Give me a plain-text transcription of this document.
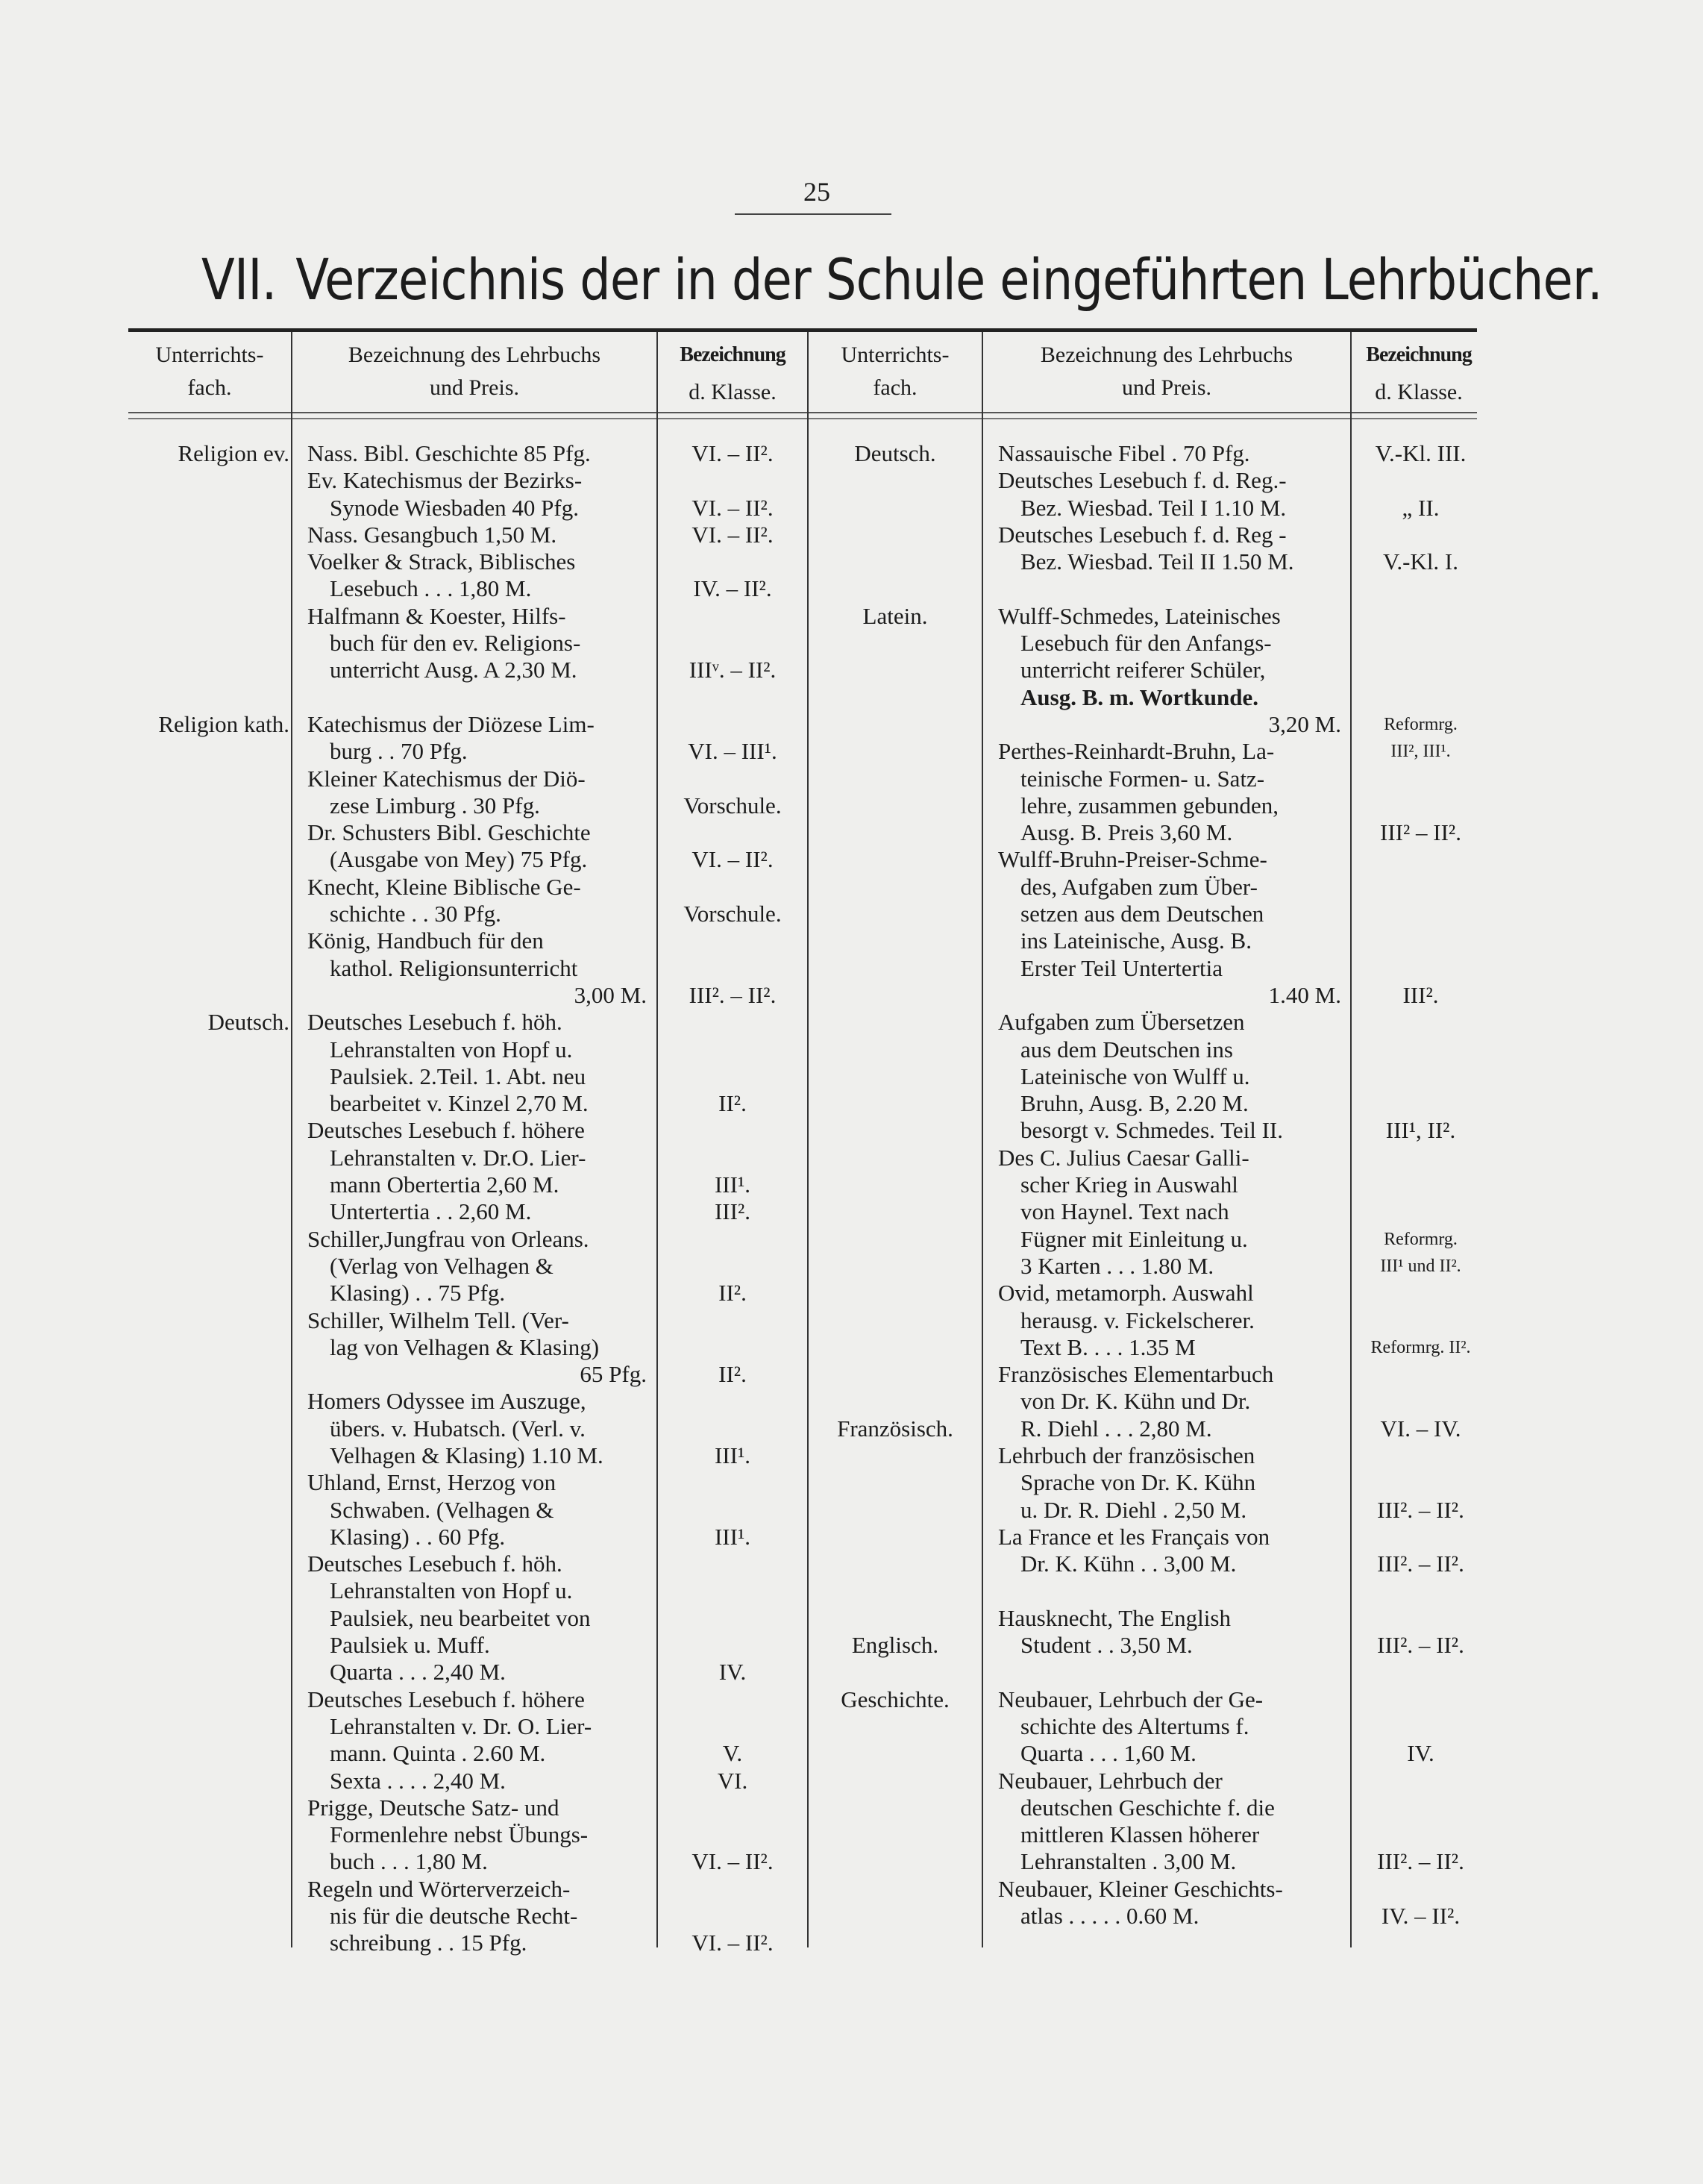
25
VII. Verzeichnis der in der Schule eingeführten Lehrbücher.
Unterrichts-
fach.
Bezeichnung des Lehrbuchs
und Preis.
Bezeichnung
d. Klasse.
Unterrichts-
fach.
Bezeichnung des Lehrbuchs
und Preis.
Bezeichnung
d. Klasse.
Religion ev.
Religion kath.
Deutsch.
Nass. Bibl. Geschichte 85 Pfg.
Ev. Katechismus der Bezirks-
Synode Wiesbaden 40 Pfg.
Nass. Gesangbuch 1,50 M.
Voelker & Strack, Biblisches
Lesebuch . . . 1,80 M.
Halfmann & Koester, Hilfs-
buch für den ev. Religions-
unterricht Ausg. A 2,30 M.
Katechismus der Diözese Lim-
burg . . 70 Pfg.
Kleiner Katechismus der Diö-
zese Limburg . 30 Pfg.
Dr. Schusters Bibl. Geschichte
(Ausgabe von Mey) 75 Pfg.
Knecht, Kleine Biblische Ge-
schichte . . 30 Pfg.
König, Handbuch für den
kathol. Religionsunterricht
3,00 M.
Deutsches Lesebuch f. höh.
Lehranstalten von Hopf u.
Paulsiek. 2.Teil. 1. Abt. neu
bearbeitet v. Kinzel 2,70 M.
Deutsches Lesebuch f. höhere
Lehranstalten v. Dr.O. Lier-
mann Obertertia 2,60 M.
Untertertia . . 2,60 M.
Schiller,Jungfrau von Orleans.
(Verlag von Velhagen &
Klasing) . . 75 Pfg.
Schiller, Wilhelm Tell. (Ver-
lag von Velhagen & Klasing)
65 Pfg.
Homers Odyssee im Auszuge,
übers. v. Hubatsch. (Verl. v.
Velhagen & Klasing) 1.10 M.
Uhland, Ernst, Herzog von
Schwaben. (Velhagen &
Klasing) . . 60 Pfg.
Deutsches Lesebuch f. höh.
Lehranstalten von Hopf u.
Paulsiek, neu bearbeitet von
Paulsiek u. Muff.
Quarta . . . 2,40 M.
Deutsches Lesebuch f. höhere
Lehranstalten v. Dr. O. Lier-
mann. Quinta . 2.60 M.
Sexta . . . . 2,40 M.
Prigge, Deutsche Satz- und
Formenlehre nebst Übungs-
buch . . . 1,80 M.
Regeln und Wörterverzeich-
nis für die deutsche Recht-
schreibung . . 15 Pfg.
VI. – II².
VI. – II².
VI. – II².
IV. – II².
IIIᵛ. – II².
VI. – III¹.
Vorschule.
VI. – II².
Vorschule.
III². – II².
II².
III¹.
III².
II².
II².
III¹.
III¹.
IV.
V.
VI.
VI. – II².
VI. – II².
Deutsch.
Latein.
Französisch.
Englisch.
Geschichte.
Nassauische Fibel . 70 Pfg.
Deutsches Lesebuch f. d. Reg.-
Bez. Wiesbad. Teil I 1.10 M.
Deutsches Lesebuch f. d. Reg -
Bez. Wiesbad. Teil II 1.50 M.
Wulff-Schmedes, Lateinisches
Lesebuch für den Anfangs-
unterricht reiferer Schüler,
Ausg. B. m. Wortkunde.
3,20 M.
Perthes-Reinhardt-Bruhn, La-
teinische Formen- u. Satz-
lehre, zusammen gebunden,
Ausg. B. Preis 3,60 M.
Wulff-Bruhn-Preiser-Schme-
des, Aufgaben zum Über-
setzen aus dem Deutschen
ins Lateinische, Ausg. B.
Erster Teil Untertertia
1.40 M.
Aufgaben zum Übersetzen
aus dem Deutschen ins
Lateinische von Wulff u.
Bruhn, Ausg. B, 2.20 M.
besorgt v. Schmedes. Teil II.
Des C. Julius Caesar Galli-
scher Krieg in Auswahl
von Haynel. Text nach
Fügner mit Einleitung u.
3 Karten . . . 1.80 M.
Ovid, metamorph. Auswahl
herausg. v. Fickelscherer.
Text B. . . . 1.35 M
Französisches Elementarbuch
von Dr. K. Kühn und Dr.
R. Diehl . . . 2,80 M.
Lehrbuch der französischen
Sprache von Dr. K. Kühn
u. Dr. R. Diehl . 2,50 M.
La France et les Français von
Dr. K. Kühn . . 3,00 M.
Hausknecht, The English
Student . . 3,50 M.
Neubauer, Lehrbuch der Ge-
schichte des Altertums f.
Quarta . . . 1,60 M.
Neubauer, Lehrbuch der
deutschen Geschichte f. die
mittleren Klassen höherer
Lehranstalten . 3,00 M.
Neubauer, Kleiner Geschichts-
atlas . . . . . 0.60 M.
V.-Kl. III.
„ II.
V.-Kl. I.
Reformrg.
III², III¹.
III² – II².
III².
III¹, II².
Reformrg.
III¹ und II².
Reformrg. II².
VI. – IV.
III². – II².
III². – II².
III². – II².
IV.
III². – II².
IV. – II².
